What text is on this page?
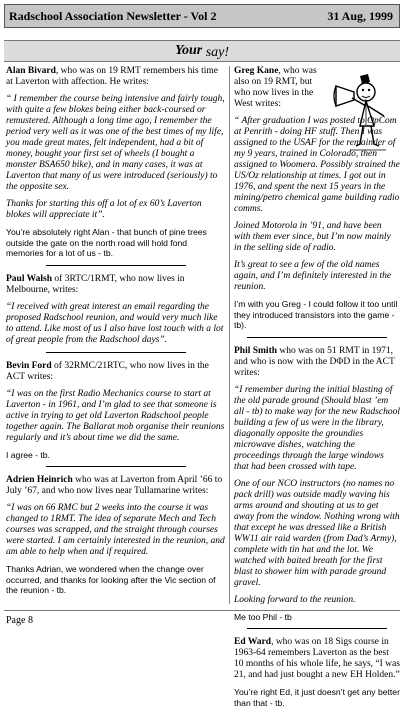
Radschool Association Newsletter - Vol 2	31 Aug, 1999
Your say!

Alan Bivard, who was on 19 RMT remembers his time at Laverton with affection. He writes:

“ I remember the course being intensive and fairly tough, with quite a few blokes being either back-coursed or remustered. Although a long time ago, I remember the period very well as it was one of the best times of my life, you made great mates, felt independent, had a bit of money, bought your first set of wheels (I bought a monster BSA650 bike), and in many cases, it was at Laverton that many of us were introduced (seriously) to the opposite sex.

Thanks for starting this off a lot of ex 60’s Laverton blokes will appreciate it”.

You’re absolutely right Alan - that bunch of pine trees outside the gate on the north road will hold fond memories for a lot of us - tb.

Paul Walsh of 3RTC/1RMT, who now lives in Melbourne, writes:

“I received with great interest an email regarding the proposed Radschool reunion, and would very much like to attend. Like most of us I also have lost touch with a lot of great people from the Radschool days”.

Bevin Ford of 32RMC/21RTC, who now lives in the ACT writes:

“I was on the first Radio Mechanics course to start at Laverton - in 1961, and I’m glad to see that someone is active in trying to get old Laverton Radschool people together again. The Ballarat mob organise their reunions regularly and it’s about time we did the same.

I agree - tb.

Adrien Heinrich who was at Laverton from April ’66 to July ’67, and who now lives near Tullamarine writes:

“I was on 66 RMC but 2 weeks into the course it was changed to 1RMT. The idea of separate Mech and Tech courses was scrapped, and the straight through courses were started. I am certainly interested in the reunion, and am able to help when and if required.

Thanks Adrian, we wondered when the change over occurred, and thanks for looking after the Vic section of the reunion - tb.

Greg Kane, who was also on 19 RMT, but who now lives in the West writes:

“ After graduation I was posted to OpCom at Penrith - doing HF stuff. Then I was assigned to the USAF for the remainder of my 9 years, trained in Colorado, then assigned to Woomera. Possibly strained the US/Oz relationship at times. I got out in 1976, and spent the next 15 years in the mining/petro chemical game building radio comms.

Joined Motorola in ’91, and have been with them ever since, but I’m now mainly in the selling side of radio.

It’s great to see a few of the old names again, and I’m definitely interested in the reunion.

I’m with you Greg - I could follow it too until they introduced transistors into the game - tb).

Phil Smith who was on 51 RMT in 1971, and who is now with the DΦD in the ACT writes:

“I remember during the initial blasting of the old parade ground (Should blast ’em all - tb) to make way for the new Radschool building a few of us were in the library, diagonally opposite the groundies microwave dishes, watching the proceedings through the large windows that had been crossed with tape.

One of our NCO instructors (no names no pack drill) was outside madly waving his arms around and shouting at us to get away from the window. Nothing wrong with that except he was dressed like a British WW11 air raid warden (from Dad’s Army), complete with tin hat and the lot. We watched with baited breath for the first blast to shower him with parade ground gravel.

Looking forward to the reunion.

Me too Phil - tb

Ed Ward, who was on 18 Sigs course in 1963-64 remembers Laverton as the best 10 months of his whole life, he says, “I was 21, and had just bought a new EH Holden.”

You’re right Ed, it just doesn’t get any better than that - tb.

Page 8
